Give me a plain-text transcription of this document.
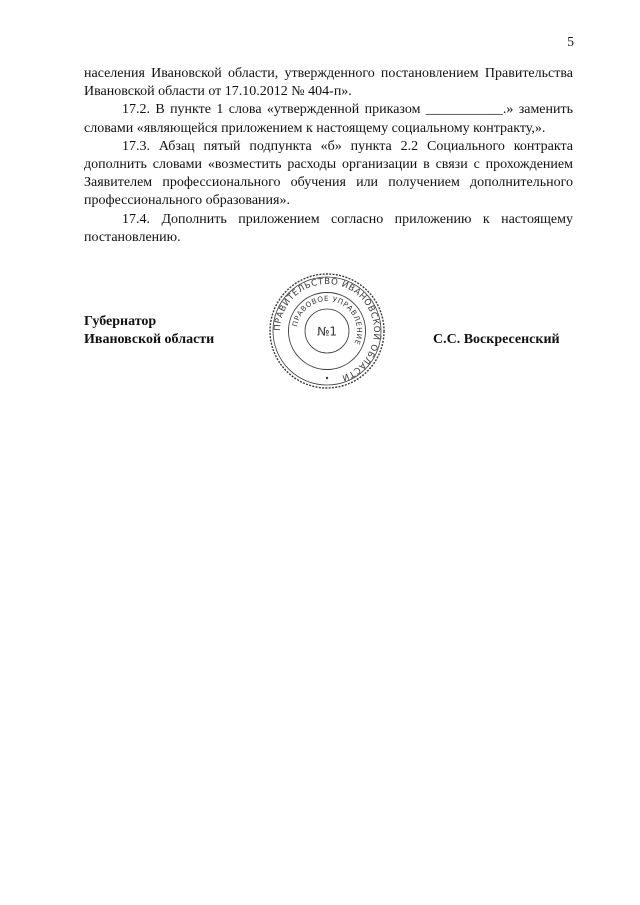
5

населения Ивановской области, утвержденного постановлением Правительства Ивановской области от 17.10.2012 № 404-п».

17.2. В пункте 1 слова «утвержденной приказом ___________.» заменить словами «являющейся приложением к настоящему социальному контракту,».

17.3. Абзац пятый подпункта «б» пункта 2.2 Социального контракта дополнить словами «возместить расходы организации в связи с прохождением Заявителем профессионального обучения или получением дополнительного профессионального образования».

17.4. Дополнить приложением согласно приложению к настоящему постановлению.

Губернатор
Ивановской области	С.С. Воскресенский
ПРАВИТЕЛЬСТВО ИВАНОВСКОЙ ОБЛАСТИ
ПРАВОВОЕ УПРАВЛЕНИЕ
№1
